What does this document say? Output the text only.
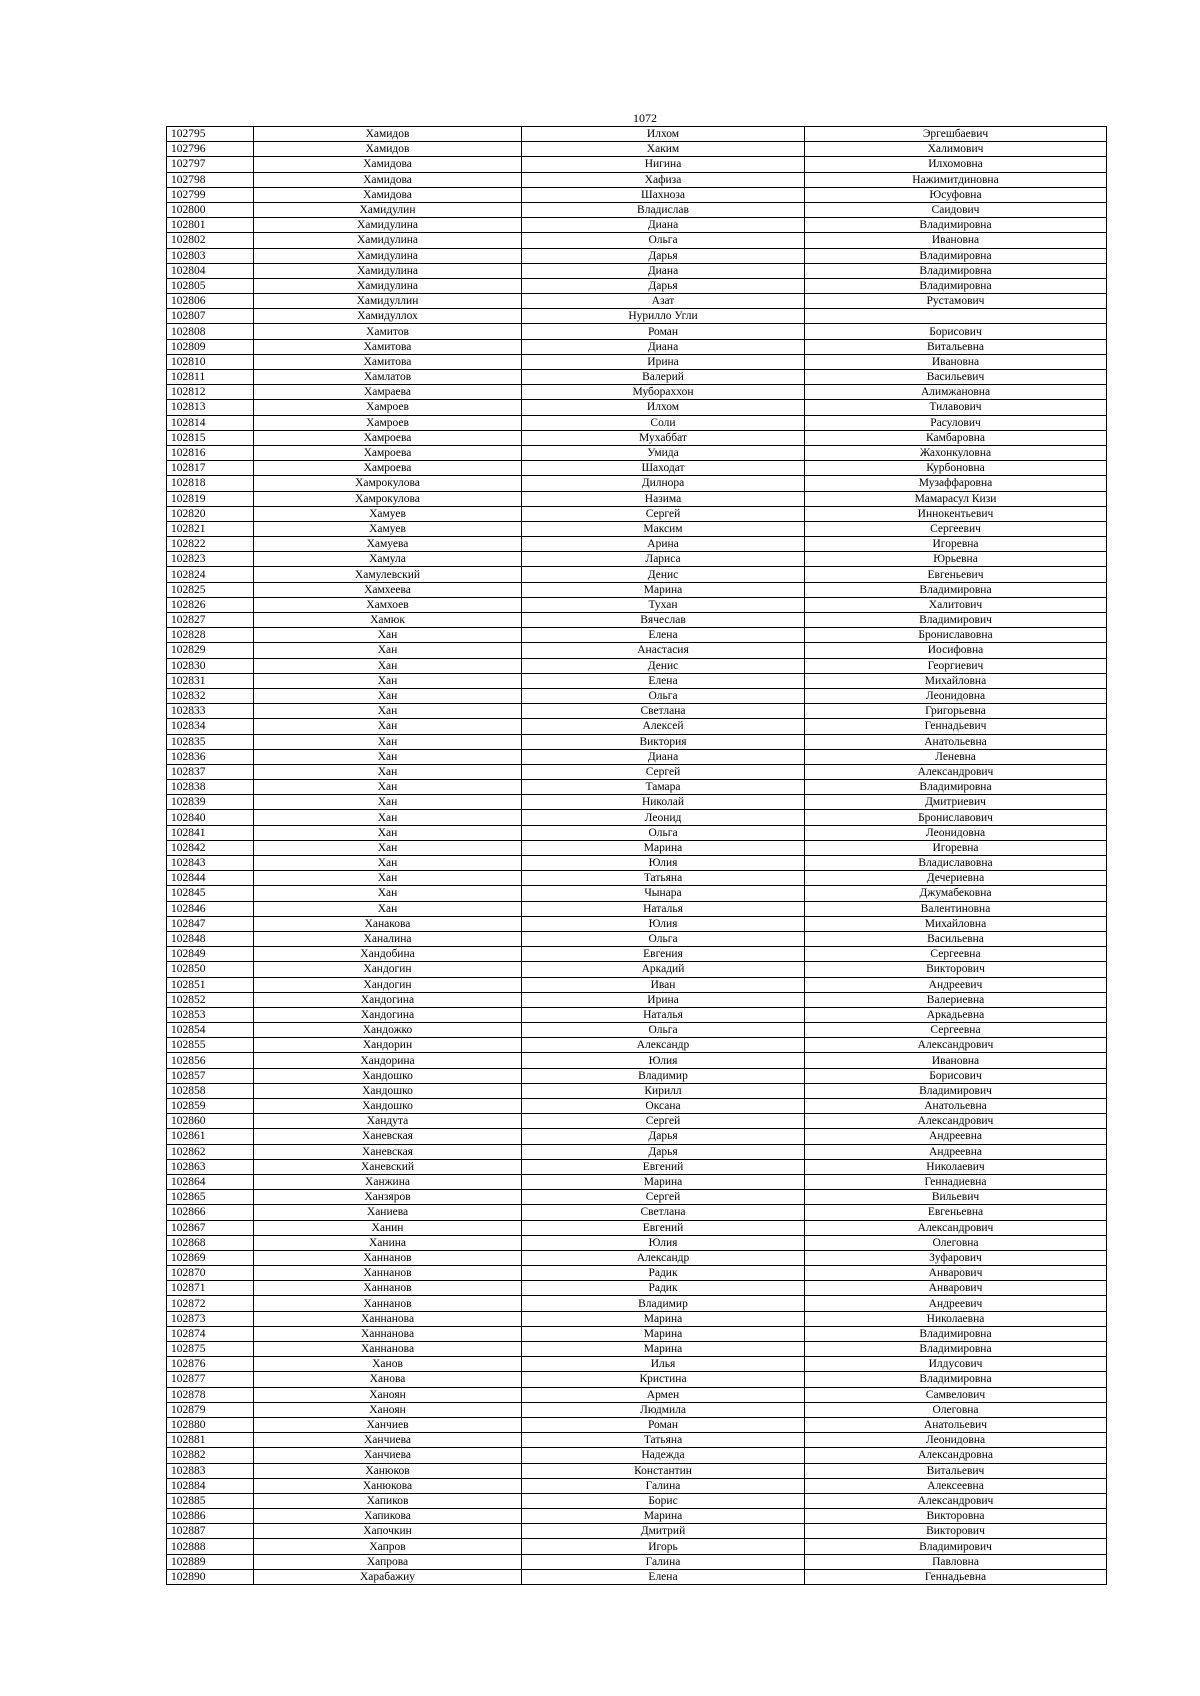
1072
102795	Хамидов	Илхом	Эргешбаевич
102796	Хамидов	Хаким	Халимович
102797	Хамидова	Нигина	Илхомовна
102798	Хамидова	Хафиза	Нажимитдиновна
102799	Хамидова	Шахноза	Юсуфовна
102800	Хамидулин	Владислав	Саидович
102801	Хамидулина	Диана	Владимировна
102802	Хамидулина	Ольга	Ивановна
102803	Хамидулина	Дарья	Владимировна
102804	Хамидулина	Диана	Владимировна
102805	Хамидулина	Дарья	Владимировна
102806	Хамидуллин	Азат	Рустамович
102807	Хамидуллох	Нурилло Угли	
102808	Хамитов	Роман	Борисович
102809	Хамитова	Диана	Витальевна
102810	Хамитова	Ирина	Ивановна
102811	Хамлатов	Валерий	Васильевич
102812	Хамраева	Мубораххон	Алимжановна
102813	Хамроев	Илхом	Тилавович
102814	Хамроев	Соли	Расулович
102815	Хамроева	Мухаббат	Камбаровна
102816	Хамроева	Умида	Жахонкуловна
102817	Хамроева	Шаходат	Курбоновна
102818	Хамрокулова	Дилнора	Музаффаровна
102819	Хамрокулова	Назима	Мамарасул Кизи
102820	Хамуев	Сергей	Иннокентьевич
102821	Хамуев	Максим	Сергеевич
102822	Хамуева	Арина	Игоревна
102823	Хамула	Лариса	Юрьевна
102824	Хамулевский	Денис	Евгеньевич
102825	Хамхеева	Марина	Владимировна
102826	Хамхоев	Тухан	Халитович
102827	Хамюк	Вячеслав	Владимирович
102828	Хан	Елена	Брониславовна
102829	Хан	Анастасия	Иосифовна
102830	Хан	Денис	Георгиевич
102831	Хан	Елена	Михайловна
102832	Хан	Ольга	Леонидовна
102833	Хан	Светлана	Григорьевна
102834	Хан	Алексей	Геннадьевич
102835	Хан	Виктория	Анатольевна
102836	Хан	Диана	Леневна
102837	Хан	Сергей	Александрович
102838	Хан	Тамара	Владимировна
102839	Хан	Николай	Дмитриевич
102840	Хан	Леонид	Брониславович
102841	Хан	Ольга	Леонидовна
102842	Хан	Марина	Игоревна
102843	Хан	Юлия	Владиславовна
102844	Хан	Татьяна	Дечериевна
102845	Хан	Чынара	Джумабековна
102846	Хан	Наталья	Валентиновна
102847	Ханакова	Юлия	Михайловна
102848	Ханалина	Ольга	Васильевна
102849	Хандобина	Евгения	Сергеевна
102850	Хандогин	Аркадий	Викторович
102851	Хандогин	Иван	Андреевич
102852	Хандогина	Ирина	Валериевна
102853	Хандогина	Наталья	Аркадьевна
102854	Хандожко	Ольга	Сергеевна
102855	Хандорин	Александр	Александрович
102856	Хандорина	Юлия	Ивановна
102857	Хандошко	Владимир	Борисович
102858	Хандошко	Кирилл	Владимирович
102859	Хандошко	Оксана	Анатольевна
102860	Хандута	Сергей	Александрович
102861	Ханевская	Дарья	Андреевна
102862	Ханевская	Дарья	Андреевна
102863	Ханевский	Евгений	Николаевич
102864	Ханжина	Марина	Геннадиевна
102865	Ханзяров	Сергей	Вильевич
102866	Ханиева	Светлана	Евгеньевна
102867	Ханин	Евгений	Александрович
102868	Ханина	Юлия	Олеговна
102869	Ханнанов	Александр	Зуфарович
102870	Ханнанов	Радик	Анварович
102871	Ханнанов	Радик	Анварович
102872	Ханнанов	Владимир	Андреевич
102873	Ханнанова	Марина	Николаевна
102874	Ханнанова	Марина	Владимировна
102875	Ханнанова	Марина	Владимировна
102876	Ханов	Илья	Илдусович
102877	Ханова	Кристина	Владимировна
102878	Ханоян	Армен	Самвелович
102879	Ханоян	Людмила	Олеговна
102880	Ханчиев	Роман	Анатольевич
102881	Ханчиева	Татьяна	Леонидовна
102882	Ханчиева	Надежда	Александровна
102883	Ханюков	Константин	Витальевич
102884	Ханюкова	Галина	Алексеевна
102885	Хапиков	Борис	Александрович
102886	Хапикова	Марина	Викторовна
102887	Хапочкин	Дмитрий	Викторович
102888	Хапров	Игорь	Владимирович
102889	Хапрова	Галина	Павловна
102890	Харабажиу	Елена	Геннадьевна
